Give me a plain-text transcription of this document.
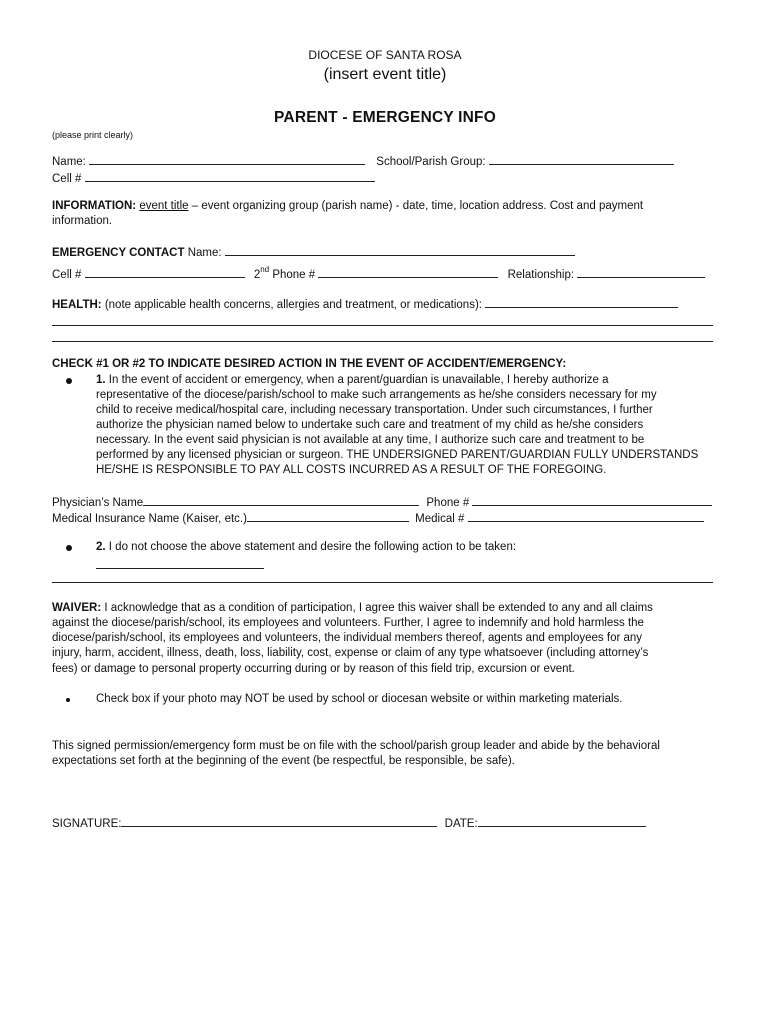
DIOCESE OF SANTA ROSA
(insert event title)
PARENT - EMERGENCY INFO
(please print clearly)
Name:	School/Parish Group:
Cell #
INFORMATION: event title – event organizing group (parish name) - date, time, location address. Cost and payment
information.
EMERGENCY CONTACT Name:
Cell #	2nd Phone #	Relationship:
HEALTH: (note applicable health concerns, allergies and treatment, or medications):
CHECK #1 OR #2 TO INDICATE DESIRED ACTION IN THE EVENT OF ACCIDENT/EMERGENCY:
1. In the event of accident or emergency, when a parent/guardian is unavailable, I hereby authorize a
representative of the diocese/parish/school to make such arrangements as he/she considers necessary for my
child to receive medical/hospital care, including necessary transportation. Under such circumstances, I further
authorize the physician named below to undertake such care and treatment of my child as he/she considers
necessary. In the event said physician is not available at any time, I authorize such care and treatment to be
performed by any licensed physician or surgeon. THE UNDERSIGNED PARENT/GUARDIAN FULLY UNDERSTANDS
HE/SHE IS RESPONSIBLE TO PAY ALL COSTS INCURRED AS A RESULT OF THE FOREGOING.
Physician’s Name	Phone #
Medical Insurance Name (Kaiser, etc.)	Medical #
2. I do not choose the above statement and desire the following action to be taken:
WAIVER: I acknowledge that as a condition of participation, I agree this waiver shall be extended to any and all claims
against the diocese/parish/school, its employees and volunteers. Further, I agree to indemnify and hold harmless the
diocese/parish/school, its employees and volunteers, the individual members thereof, agents and employees for any
injury, harm, accident, illness, death, loss, liability, cost, expense or claim of any type whatsoever (including attorney’s
fees) or damage to personal property occurring during or by reason of this field trip, excursion or event.
Check box if your photo may NOT be used by school or diocesan website or within marketing materials.
This signed permission/emergency form must be on file with the school/parish group leader and abide by the behavioral
expectations set forth at the beginning of the event (be respectful, be responsible, be safe).
SIGNATURE:	DATE:
